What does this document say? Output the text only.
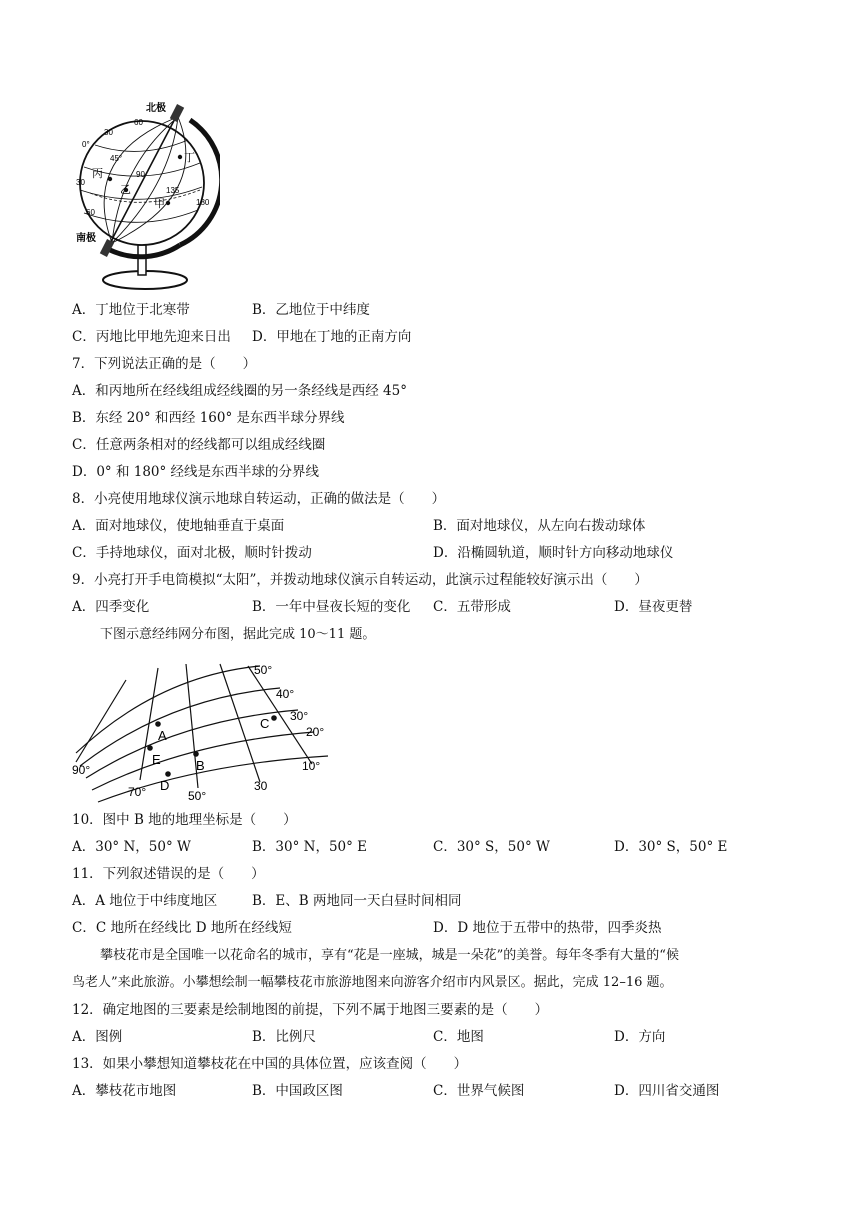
北极
南极
60
30
0°
45°
90
135
180
30
60
丁
丙
乙
甲
A．丁地位于北寒带	B．乙地位于中纬度
C．丙地比甲地先迎来日出 D．甲地在丁地的正南方向
7．下列说法正确的是（　　）
A．和丙地所在经线组成经线圈的另一条经线是西经 45°
B．东经 20° 和西经 160° 是东西半球分界线
C．任意两条相对的经线都可以组成经线圈
D．0° 和 180° 经线是东西半球的分界线
8．小亮使用地球仪演示地球自转运动，正确的做法是（　　）
A．面对地球仪，使地轴垂直于桌面	B．面对地球仪，从左向右拨动球体
C．手持地球仪，面对北极，顺时针拨动	D．沿椭圆轨道，顺时针方向移动地球仪
9．小亮打开手电筒模拟“太阳”，并拨动地球仪演示自转运动，此演示过程能较好演示出（　　）
A．四季变化	B．一年中昼夜长短的变化 C．五带形成	D．昼夜更替
下图示意经纬网分布图，据此完成 10～11 题。
50°
40°
30°
20°
10°
90°
70°	50°
30
A
B
C
D
E
10．图中 B 地的地理坐标是（　　）
A．30° N，50° W	B．30° N，50° E	C．30° S，50° W	D．30° S，50° E
11．下列叙述错误的是（　　）
A．A 地位于中纬度地区	B．E、B 两地同一天白昼时间相同
C．C 地所在经线比 D 地所在经线短	D．D 地位于五带中的热带，四季炎热
攀枝花市是全国唯一以花命名的城市，享有“花是一座城，城是一朵花”的美誉。每年冬季有大量的“候
鸟老人”来此旅游。小攀想绘制一幅攀枝花市旅游地图来向游客介绍市内风景区。据此，完成 12–16 题。
12．确定地图的三要素是绘制地图的前提，下列不属于地图三要素的是（　　）
A．图例	B．比例尺	C．地图	D．方向
13．如果小攀想知道攀枝花在中国的具体位置，应该查阅（　　）
A．攀枝花市地图	B．中国政区图	C．世界气候图	D．四川省交通图
